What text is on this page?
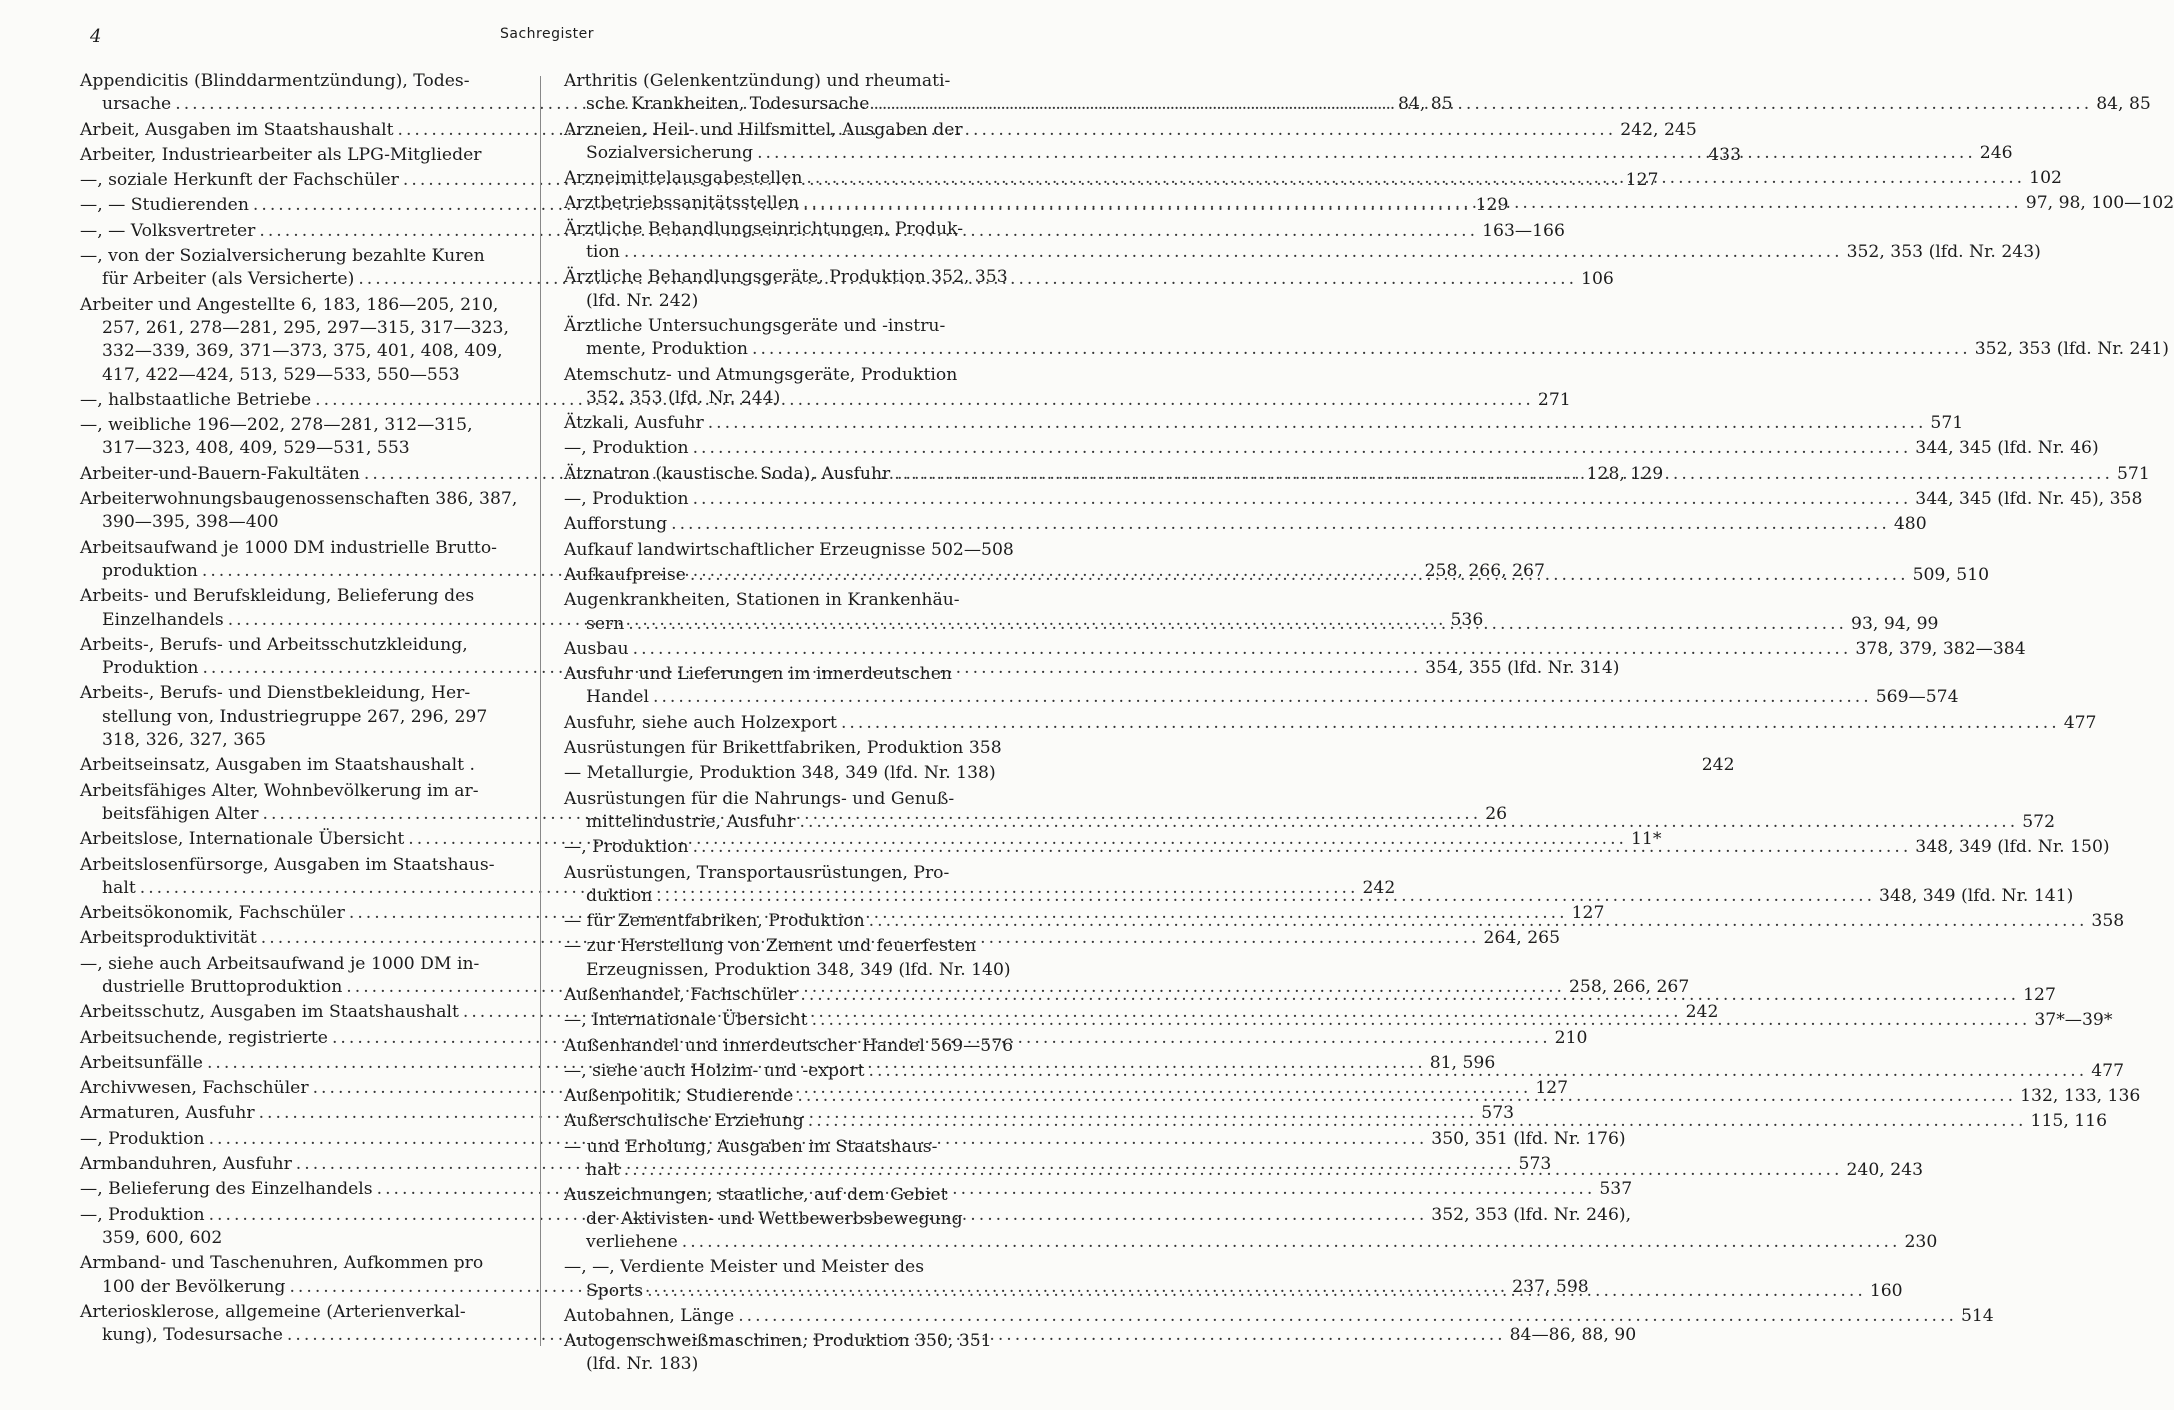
4	Sachregister
Appendicitis (Blinddarmentzündung), Todes-
ursache .....	84, 85
Arbeit, Ausgaben im Staatshaushalt .....	242, 245
Arbeiter, Industriearbeiter als LPG-Mitglieder	433
—, soziale Herkunft der Fachschüler .....	127
—, — Studierenden .....	129
—, — Volksvertreter .....	163—166
—, von der Sozialversicherung bezahlte Kuren
für Arbeiter (als Versicherte) .....	106
Arbeiter und Angestellte 6, 183, 186—205, 210,
257, 261, 278—281, 295, 297—315, 317—323,
332—339, 369, 371—373, 375, 401, 408, 409,
417, 422—424, 513, 529—533, 550—553
—, halbstaatliche Betriebe .....	271
—, weibliche 196—202, 278—281, 312—315,
317—323, 408, 409, 529—531, 553
Arbeiter-und-Bauern-Fakultäten .....	128, 129
Arbeiterwohnungsbaugenossenschaften 386, 387,
390—395, 398—400
Arbeitsaufwand je 1000 DM industrielle Brutto-
produktion .....	258, 266, 267
Arbeits- und Berufskleidung, Belieferung des
Einzelhandels .....	536
Arbeits-, Berufs- und Arbeitsschutzkleidung,
Produktion .....	354, 355 (lfd. Nr. 314)
Arbeits-, Berufs- und Dienstbekleidung, Her-
stellung von, Industriegruppe 267, 296, 297
318, 326, 327, 365
Arbeitseinsatz, Ausgaben im Staatshaushalt .	242
Arbeitsfähiges Alter, Wohnbevölkerung im ar-
beitsfähigen Alter .....	26
Arbeitslose, Internationale Übersicht .....	11*
Arbeitslosenfürsorge, Ausgaben im Staatshaus-
halt .....	242
Arbeitsökonomik, Fachschüler .....	127
Arbeitsproduktivität .....	264, 265
—, siehe auch Arbeitsaufwand je 1000 DM in-
dustrielle Bruttoproduktion .....	258, 266, 267
Arbeitsschutz, Ausgaben im Staatshaushalt .....	242
Arbeitsuchende, registrierte .....	210
Arbeitsunfälle .....	81, 596
Archivwesen, Fachschüler .....	127
Armaturen, Ausfuhr .....	573
—, Produktion .....	350, 351 (lfd. Nr. 176)
Armbanduhren, Ausfuhr .....	573
—, Belieferung des Einzelhandels .....	537
—, Produktion .....	352, 353 (lfd. Nr. 246),
359, 600, 602
Armband- und Taschenuhren, Aufkommen pro
100 der Bevölkerung .....	237, 598
Arteriosklerose, allgemeine (Arterienverkal-
kung), Todesursache .....	84—86, 88, 90
Arthritis (Gelenkentzündung) und rheumati-
sche Krankheiten, Todesursache .....	84, 85
Arzneien, Heil- und Hilfsmittel, Ausgaben der
Sozialversicherung .....	246
Arzneimittelausgabestellen .....	102
Arztbetriebssanitätsstellen .....	97, 98, 100—102
Ärztliche Behandlungseinrichtungen, Produk-
tion .....	352, 353 (lfd. Nr. 243)
Ärztliche Behandlungsgeräte, Produktion 352, 353
(lfd. Nr. 242)
Ärztliche Untersuchungsgeräte und -instru-
mente, Produktion .....	352, 353 (lfd. Nr. 241)
Atemschutz- und Atmungsgeräte, Produktion
352, 353 (lfd. Nr. 244)
Ätzkali, Ausfuhr .....	571
—, Produktion .....	344, 345 (lfd. Nr. 46)
Ätznatron (kaustische Soda), Ausfuhr .....	571
—, Produktion .....	344, 345 (lfd. Nr. 45), 358
Aufforstung .....	480
Aufkauf landwirtschaftlicher Erzeugnisse 502—508
Aufkaufpreise .....	509, 510
Augenkrankheiten, Stationen in Krankenhäu-
sern .....	93, 94, 99
Ausbau .....	378, 379, 382—384
Ausfuhr und Lieferungen im innerdeutschen
Handel .....	569—574
Ausfuhr, siehe auch Holzexport .....	477
Ausrüstungen für Brikettfabriken, Produktion 358
— Metallurgie, Produktion 348, 349 (lfd. Nr. 138)
Ausrüstungen für die Nahrungs- und Genuß-
mittelindustrie, Ausfuhr .....	572
—, Produktion .....	348, 349 (lfd. Nr. 150)
Ausrüstungen, Transportausrüstungen, Pro-
duktion .....	348, 349 (lfd. Nr. 141)
— für Zementfabriken, Produktion .....	358
— zur Herstellung von Zement und feuerfesten
Erzeugnissen, Produktion 348, 349 (lfd. Nr. 140)
Außenhandel, Fachschüler .....	127
—, Internationale Übersicht .....	37*—39*
Außenhandel und innerdeutscher Handel 569—576
—, siehe auch Holzim- und -export .....	477
Außenpolitik, Studierende .....	132, 133, 136
Außerschulische Erziehung .....	115, 116
— und Erholung, Ausgaben im Staatshaus-
halt .....	240, 243
Auszeichnungen, staatliche, auf dem Gebiet
der Aktivisten- und Wettbewerbsbewegung
verliehene .....	230
—, —, Verdiente Meister und Meister des
Sports .....	160
Autobahnen, Länge .....	514
Autogenschweißmaschinen, Produktion 350, 351
(lfd. Nr. 183)
